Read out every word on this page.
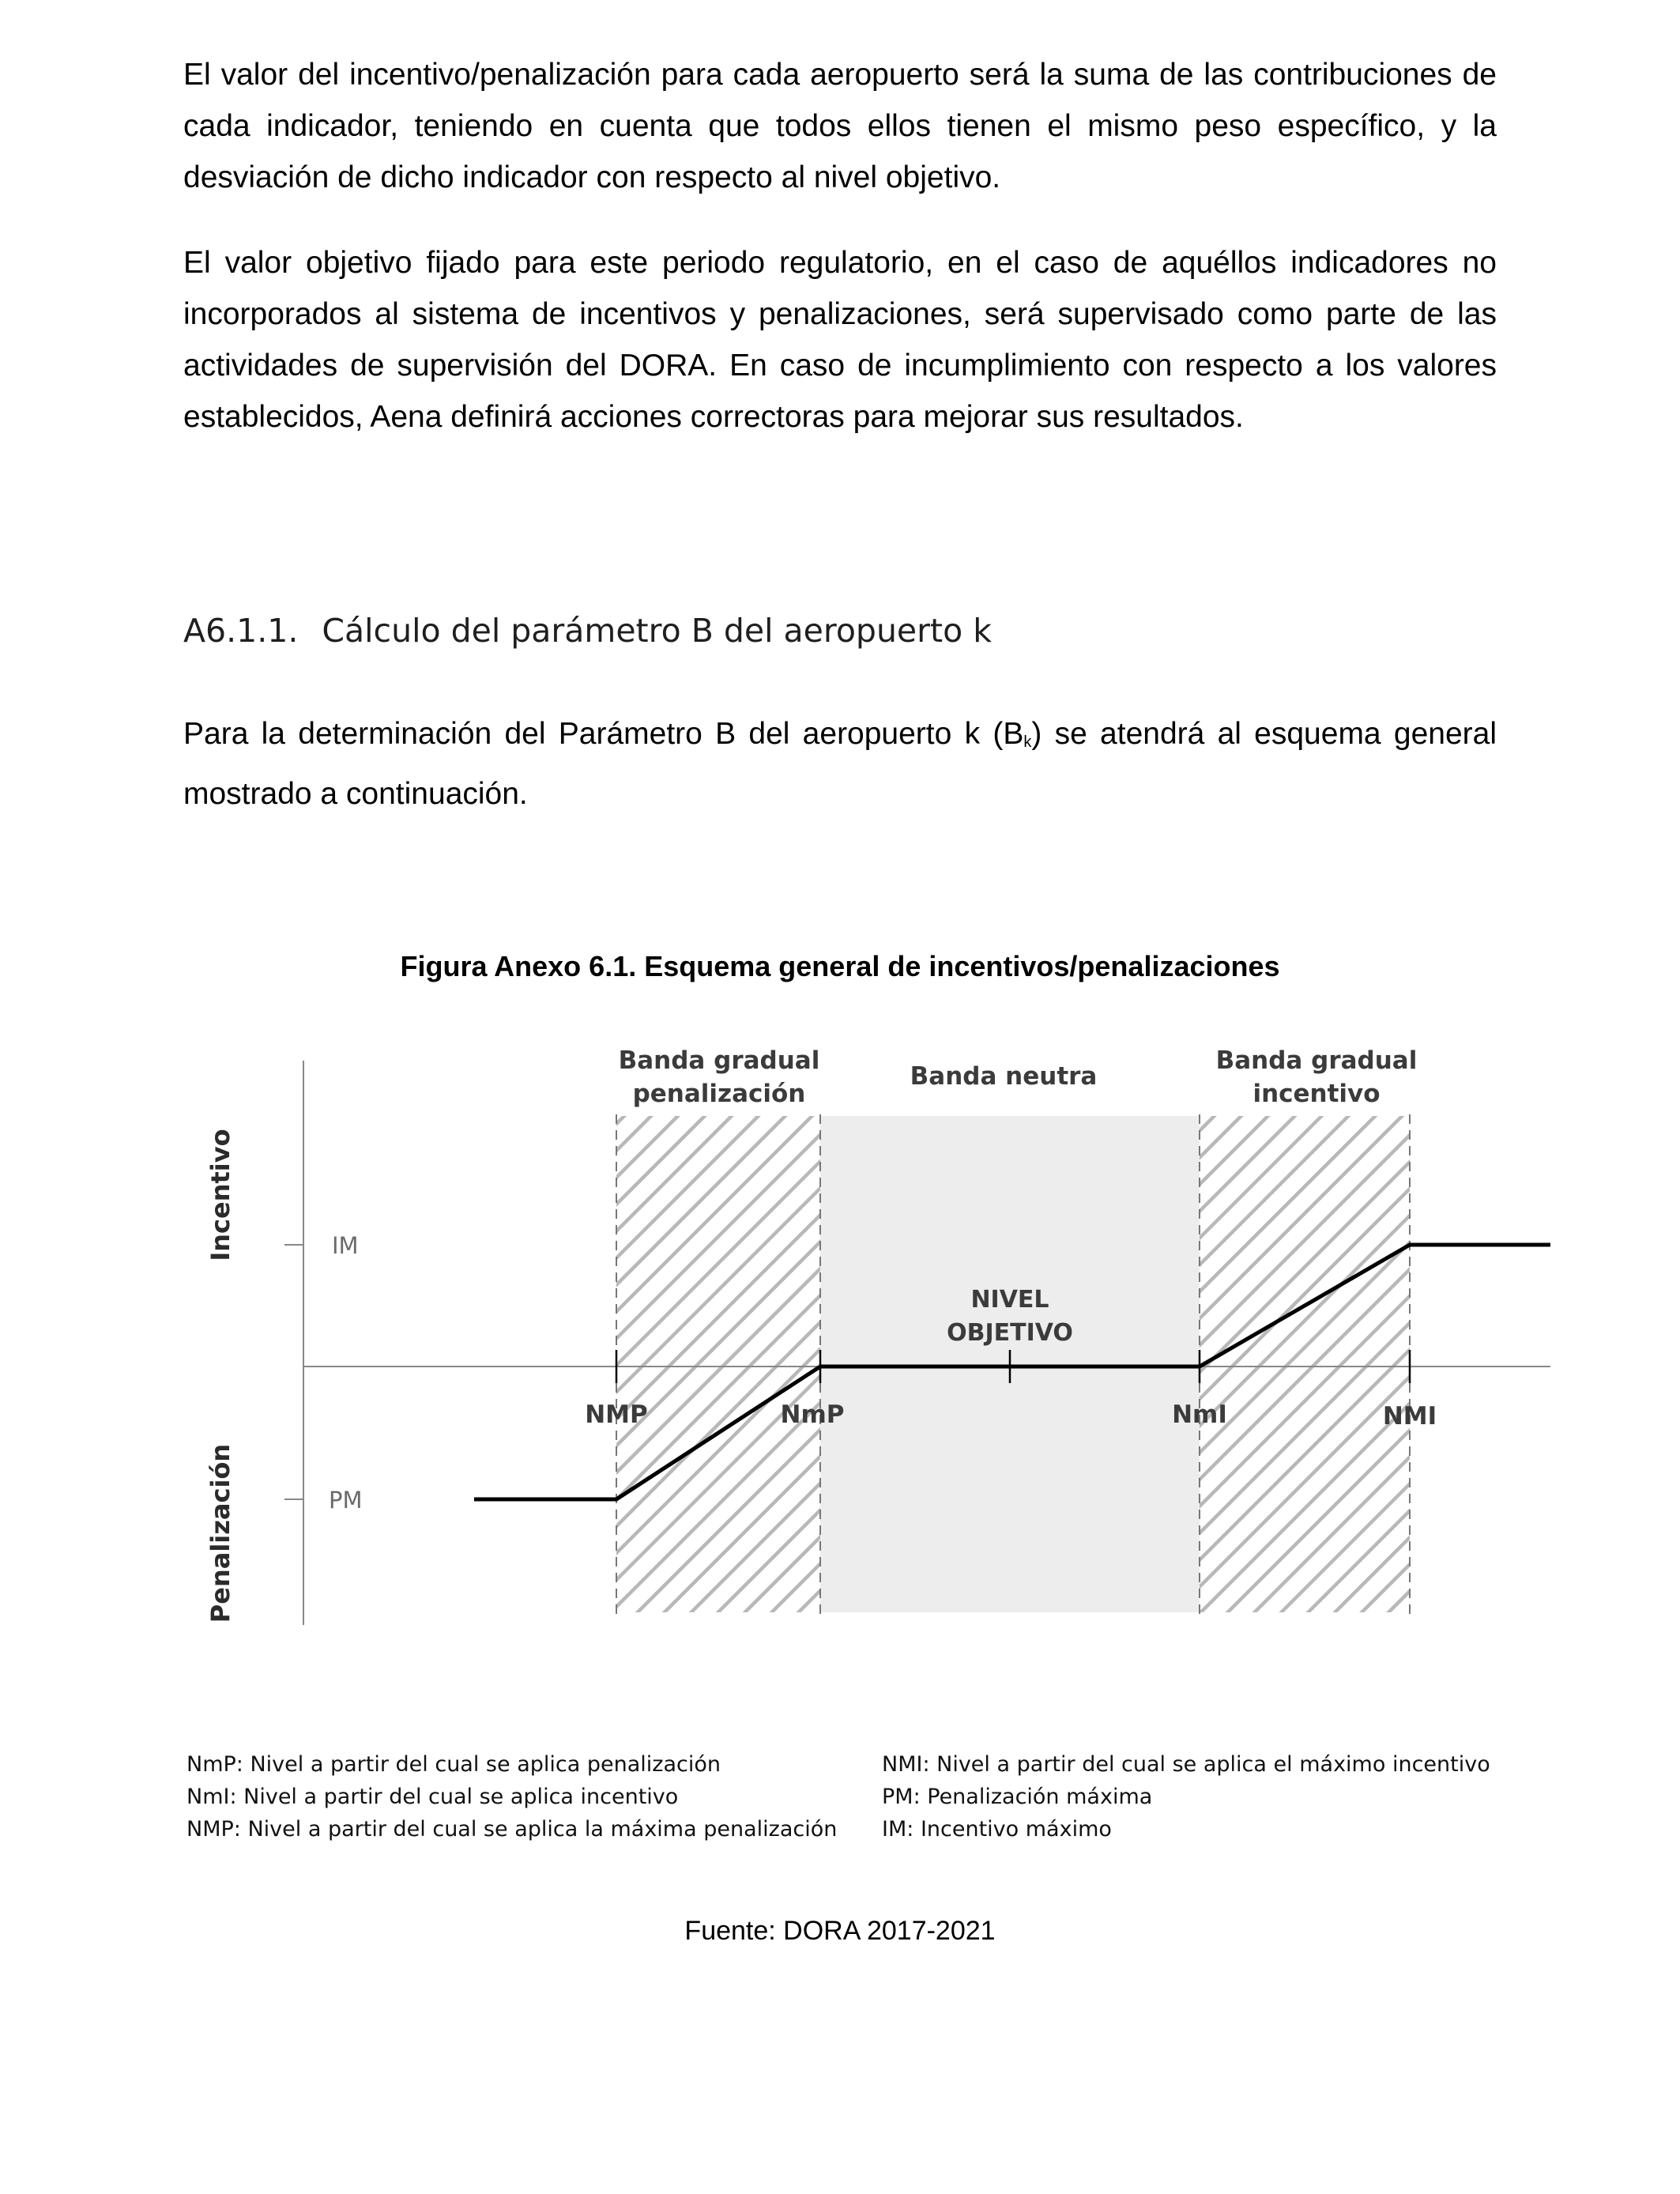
El valor del incentivo/penalización para cada aeropuerto será la suma de las contribuciones de cada indicador, teniendo en cuenta que todos ellos tienen el mismo peso específico, y la desviación de dicho indicador con respecto al nivel objetivo.

El valor objetivo fijado para este periodo regulatorio, en el caso de aquéllos indicadores no incorporados al sistema de incentivos y penalizaciones, será supervisado como parte de las actividades de supervisión del DORA. En caso de incumplimiento con respecto a los valores establecidos, Aena definirá acciones correctoras para mejorar sus resultados.

A6.1.1. Cálculo del parámetro B del aeropuerto k

Para la determinación del Parámetro B del aeropuerto k $(B_k)$ se atendrá al esquema general mostrado a continuación.

Figura Anexo 6.1. Esquema general de incentivos/penalizaciones

Banda gradual
penalización
Banda neutra
Banda gradual
incentivo
Incentivo
Penalización
IM
PM
NIVEL
OBJETIVO
NMP	NmP	NmI	NMI
NmP: Nivel a partir del cual se aplica penalización
NmI: Nivel a partir del cual se aplica incentivo
NMP: Nivel a partir del cual se aplica la máxima penalización
NMI: Nivel a partir del cual se aplica el máximo incentivo
PM: Penalización máxima
IM: Incentivo máximo

Fuente: DORA 2017-2021
